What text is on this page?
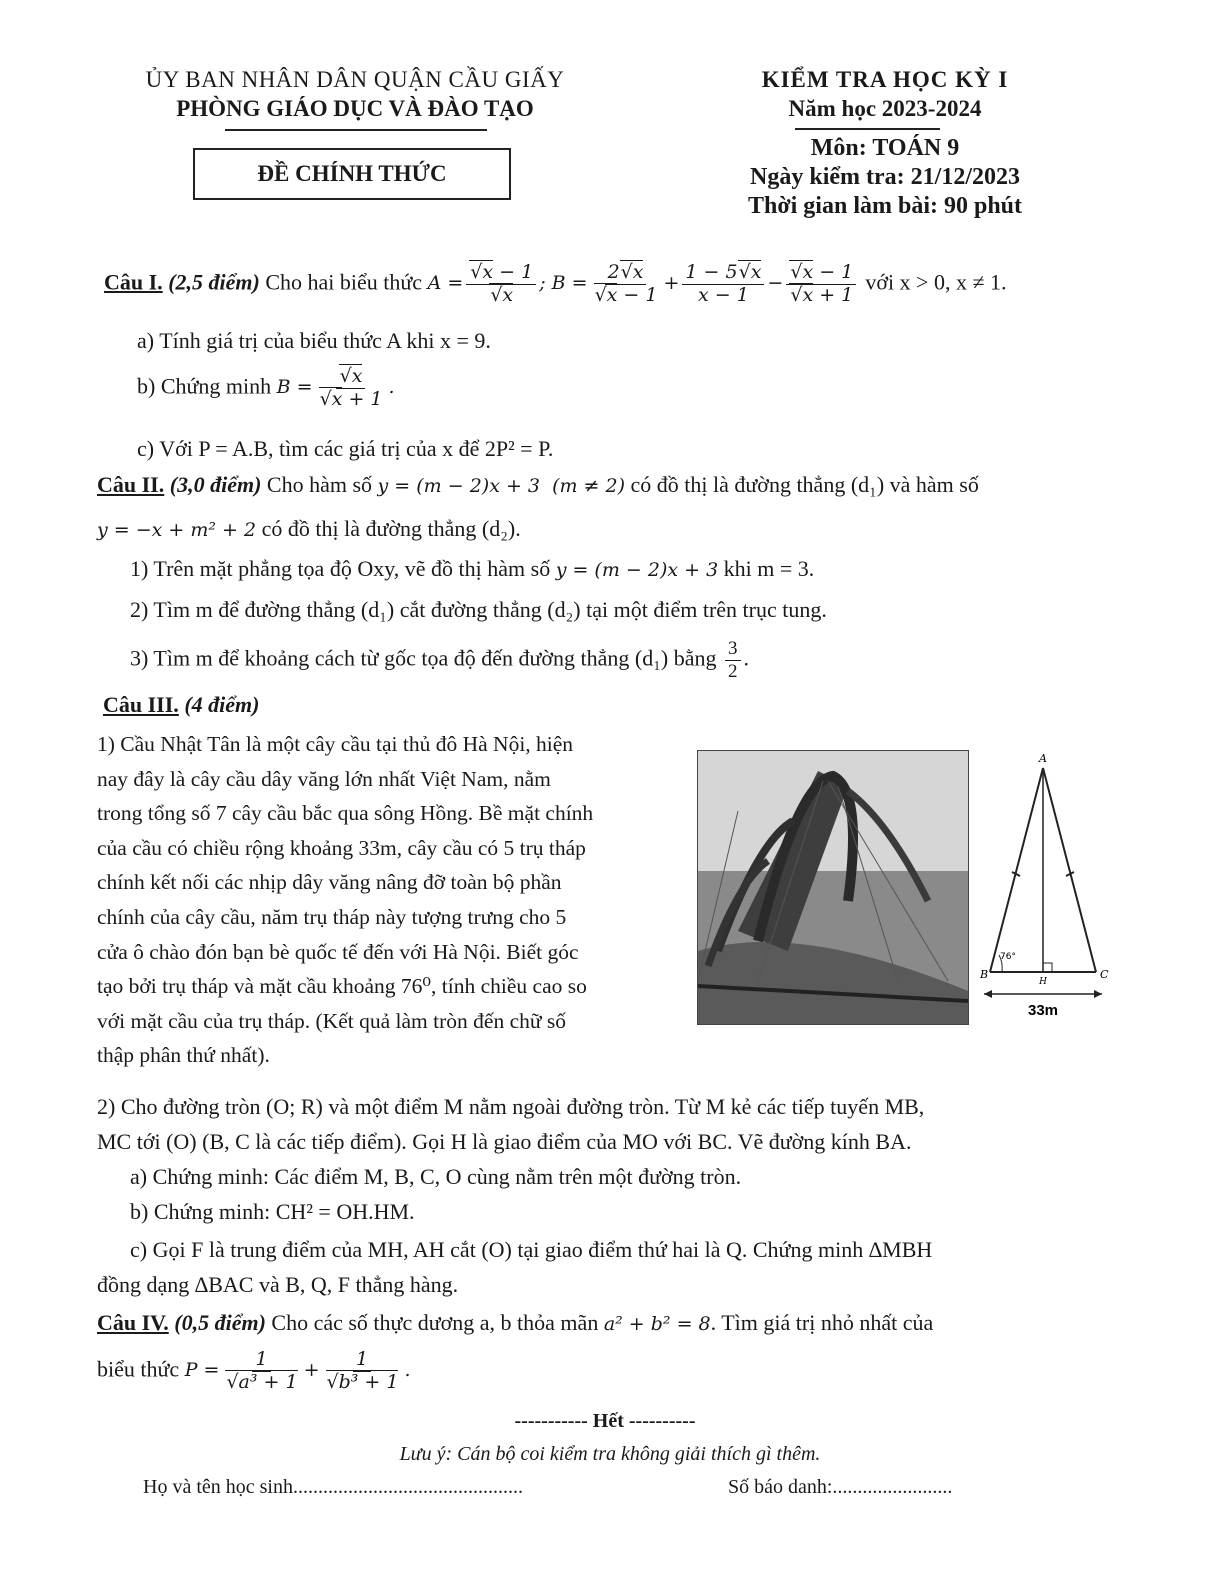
ỦY BAN NHÂN DÂN QUẬN CẦU GIẤY
PHÒNG GIÁO DỤC VÀ ĐÀO TẠO
ĐỀ CHÍNH THỨC
KIỂM TRA HỌC KỲ I
Năm học 2023-2024
Môn: TOÁN 9
Ngày kiểm tra: 21/12/2023
Thời gian làm bài: 90 phút
Câu I. (2,5 điểm) Cho hai biểu thức $A = \frac{√x - 1}{√x}$ ; $B = \frac{2√x}{√x - 1} + \frac{1 - 5√x}{x - 1} - \frac{√x - 1}{√x + 1}$ với x > 0, x ≠ 1.
a) Tính giá trị của biểu thức A khi x = 9.
b) Chứng minh $B = \frac{√x}{√x + 1}$ .
c) Với P = A.B, tìm các giá trị của x để 2P² = P.
Câu II. (3,0 điểm) Cho hàm số y = (m − 2)x + 3  (m ≠ 2) có đồ thị là đường thẳng (d₁) và hàm số
y = −x + m² + 2 có đồ thị là đường thẳng (d₂).
1) Trên mặt phẳng tọa độ Oxy, vẽ đồ thị hàm số y = (m − 2)x + 3 khi m = 3.
2) Tìm m để đường thẳng (d₁) cắt đường thẳng (d₂) tại một điểm trên trục tung.
3) Tìm m để khoảng cách từ gốc tọa độ đến đường thẳng (d₁) bằng $\frac{3}{2}$ .
Câu III. (4 điểm)
1) Cầu Nhật Tân là một cây cầu tại thủ đô Hà Nội, hiện
nay đây là cây cầu dây văng lớn nhất Việt Nam, nằm
trong tổng số 7 cây cầu bắc qua sông Hồng. Bề mặt chính
của cầu có chiều rộng khoảng 33m, cây cầu có 5 trụ tháp
chính kết nối các nhịp dây văng nâng đỡ toàn bộ phần
chính của cây cầu, năm trụ tháp này tượng trưng cho 5
cửa ô chào đón bạn bè quốc tế đến với Hà Nội. Biết góc
tạo bởi trụ tháp và mặt cầu khoảng 76⁰, tính chiều cao so
với mặt cầu của trụ tháp. (Kết quả làm tròn đến chữ số
thập phân thứ nhất).
A
B	C
H
76°
33m
2) Cho đường tròn (O; R) và một điểm M nằm ngoài đường tròn. Từ M kẻ các tiếp tuyến MB,
MC tới (O) (B, C là các tiếp điểm). Gọi H là giao điểm của MO với BC. Vẽ đường kính BA.
a) Chứng minh: Các điểm M, B, C, O cùng nằm trên một đường tròn.
b) Chứng minh: CH² = OH.HM.
c) Gọi F là trung điểm của MH, AH cắt (O) tại giao điểm thứ hai là Q. Chứng minh ∆MBH
đồng dạng ∆BAC và B, Q, F thẳng hàng.
Câu IV. (0,5 điểm) Cho các số thực dương a, b thỏa mãn a² + b² = 8. Tìm giá trị nhỏ nhất của
biểu thức $P = \frac{1}{\text{√a³ + 1}} + \frac{1}{\text{√b³ + 1}}$ .
----------- Hết ----------
Lưu ý: Cán bộ coi kiểm tra không giải thích gì thêm.
Họ và tên học sinh..............................................	Số báo danh:........................
